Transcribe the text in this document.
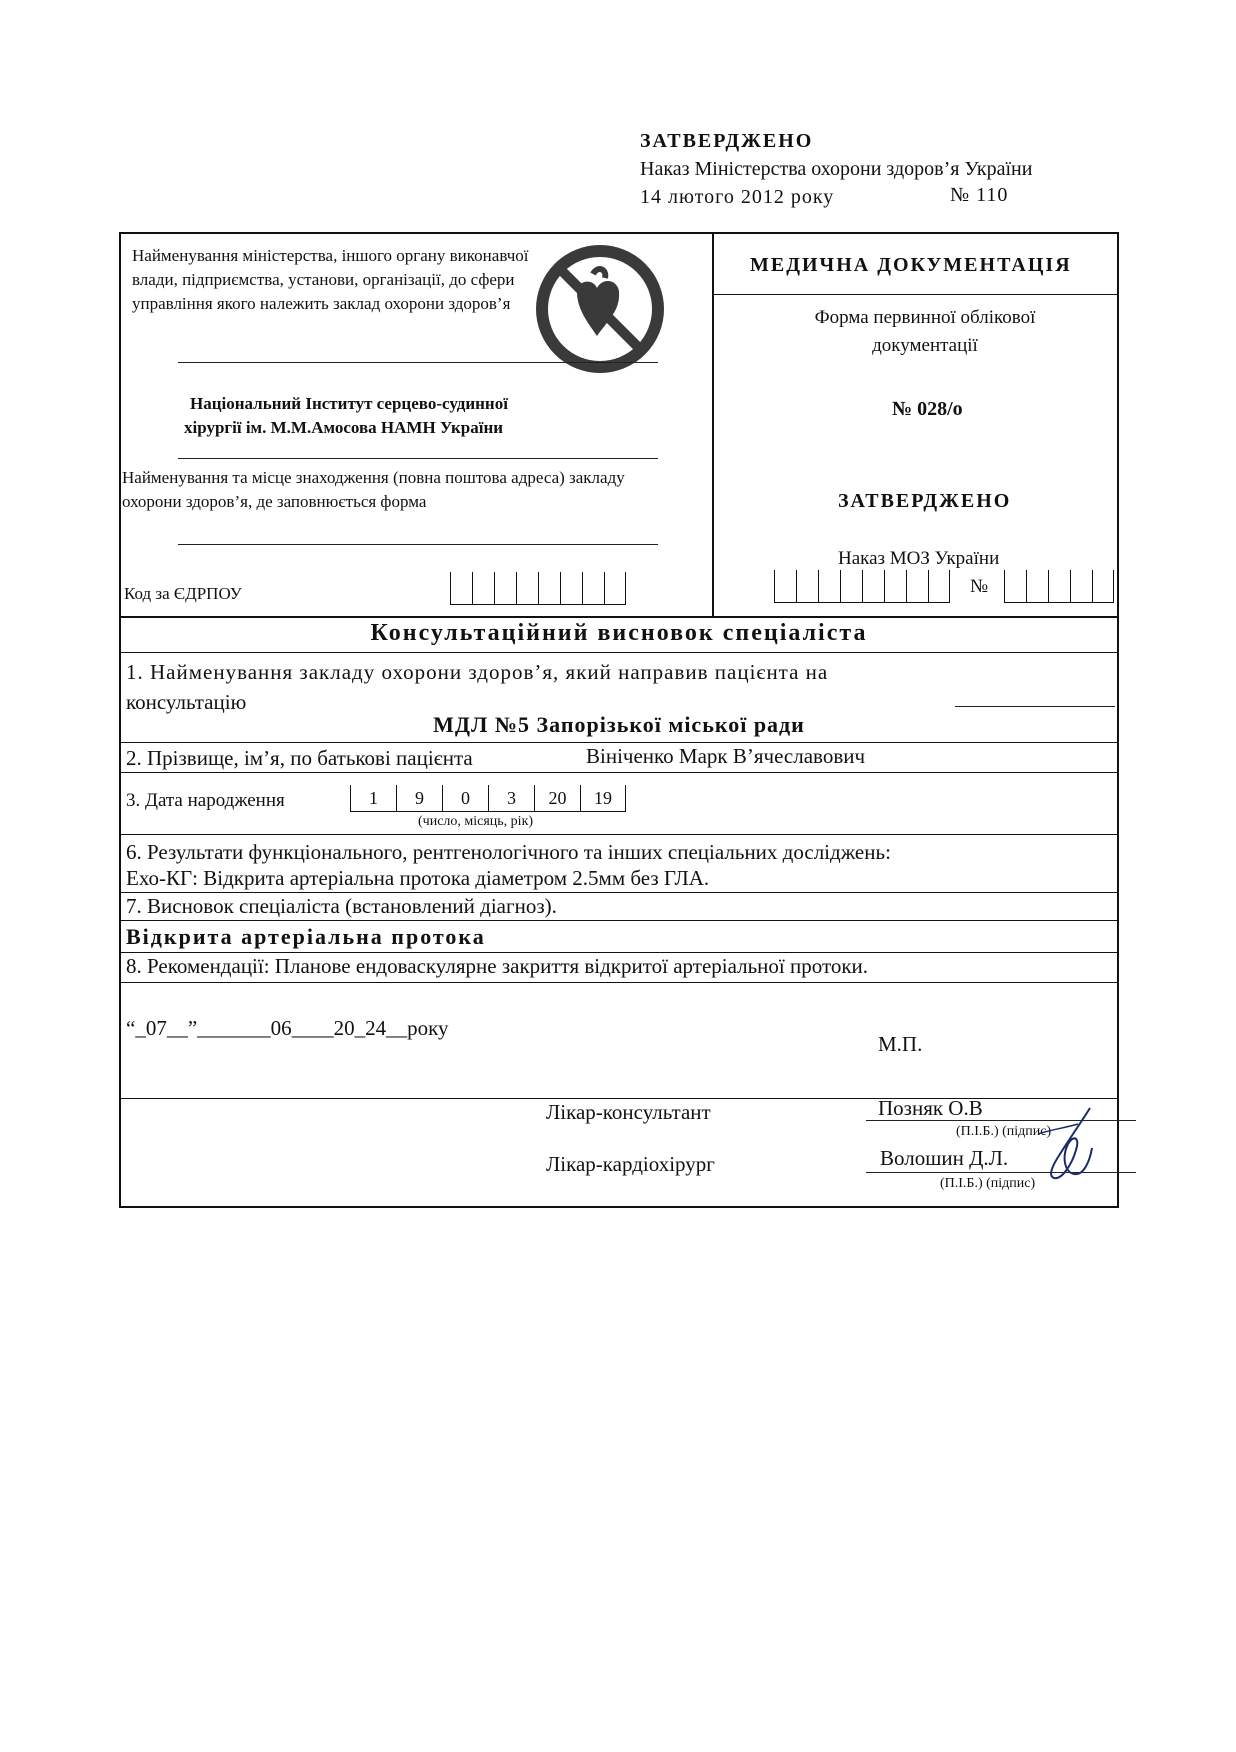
ЗАТВЕРДЖЕНО
Наказ Міністерства охорони здоров’я України
14 лютого 2012 року	№ 110
Найменування міністерства, іншого органу виконавчої влади, підприємства, установи, організації, до сфери управління якого належить заклад охорони здоров’я
Національний Інститут серцево-судинної
хірургії ім. М.М.Амосова НАМН України
Найменування та місце знаходження (повна поштова адреса) закладу охорони здоров’я, де заповнюється форма
Код за ЄДРПОУ
МЕДИЧНА ДОКУМЕНТАЦІЯ
Форма первинної облікової документації
№ 028/о
ЗАТВЕРДЖЕНО
Наказ МОЗ України
№
Консультаційний висновок спеціаліста
1. Найменування закладу охорони здоров’я, який направив пацієнта на
консультацію
МДЛ №5 Запорізької міської ради
2. Прізвище, ім’я, по батькові пацієнта	Вініченко Марк В’ячеславович
3. Дата народження	1	9	0	3	20	19
(число, місяць, рік)
6. Результати функціонального, рентгенологічного та інших спеціальних досліджень:
Ехо-КГ: Відкрита артеріальна протока діаметром 2.5мм без ГЛА.
7. Висновок спеціаліста (встановлений діагноз).
Відкрита артеріальна протока
8. Рекомендації: Планове ендоваскулярне закриття відкритої артеріальної протоки.
“_07__”_______06____20_24__року
М.П.
Лікар-консультант	Позняк О.В
(П.І.Б.) (підпис)
Лікар-кардіохірург	Волошин Д.Л.
(П.І.Б.) (підпис)
